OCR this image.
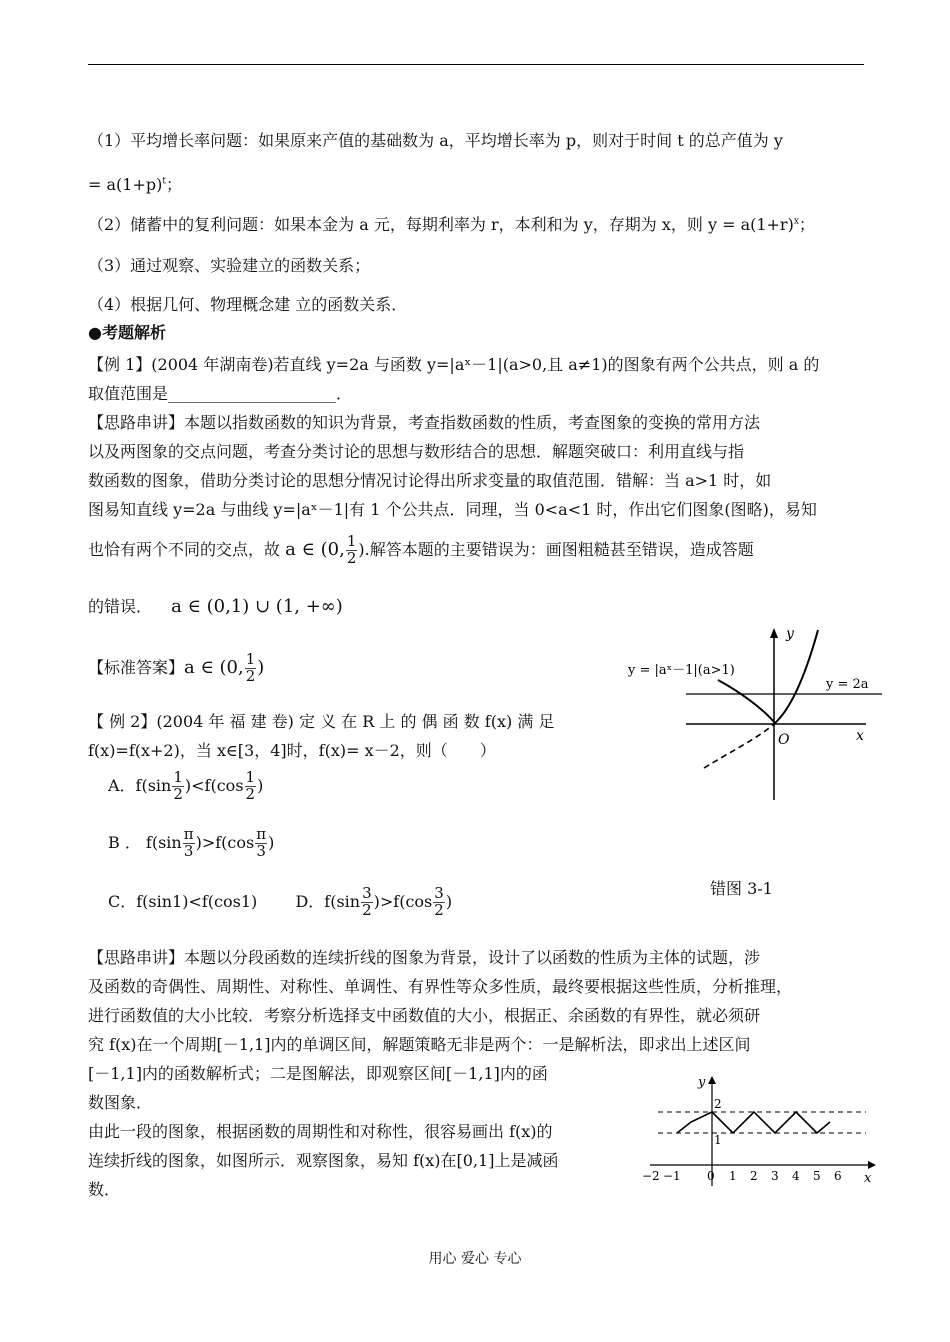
（1）平均增长率问题：如果原来产值的基础数为 a，平均增长率为 p，则对于时间 t 的总产值为 y
= $a(1+p)^t$；
（2）储蓄中的复利问题：如果本金为 a 元，每期利率为 r，本利和为 y，存期为 x，则 $y = a(1+r)^x$；
（3）通过观察、实验建立的函数关系；
（4）根据几何、物理概念建 立的函数关系．
●考题解析
【例 1】(2004 年湖南卷)若直线 y=2a 与函数 y=|aˣ－1|(a>0,且 a≠1)的图象有两个公共点，则 a 的
取值范围是_____________________．
【思路串讲】本题以指数函数的知识为背景，考查指数函数的性质，考查图象的变换的常用方法
以及两图象的交点问题，考查分类讨论的思想与数形结合的思想．解题突破口：利用直线与指
数函数的图象，借助分类讨论的思想分情况讨论得出所求变量的取值范围．错解：当 a>1 时，如
图易知直线 y=2a 与曲线 y=|aˣ－1|有 1 个公共点．同理，当 0<a<1 时，作出它们图象(图略)，易知
也恰有两个不同的交点，故 a ∈ (0, $\frac{1}{2}$ ).解答本题的主要错误为：画图粗糙甚至错误，造成答题
的错误． a ∈ (0,1) ∪ (1, +∞)
【标准答案】a ∈ (0, $\frac{1}{2}$ )
【 例 2】(2004 年 福 建 卷) 定 义 在 R 上 的 偶 函 数 f(x) 满 足
f(x)=f(x+2)，当 x∈[3，4]时，f(x)= x－2，则（　　）
A．$f(\sin \frac{1}{2} )<f(\cos \frac{1}{2}$ )
B ． $f(\sin \frac{\pi}{3} )>f(\cos \frac{\pi}{3}$ )
C．f(sin1)<f(cos1) D．$f(\sin \frac{3}{2} )>f(\cos \frac{3}{2}$ )
错图 3-1
【思路串讲】本题以分段函数的连续折线的图象为背景，设计了以函数的性质为主体的试题，涉
及函数的奇偶性、周期性、对称性、单调性、有界性等众多性质，最终要根据这些性质，分析推理，
进行函数值的大小比较．考察分析选择支中函数值的大小，根据正、余函数的有界性，就必须研
究 f(x)在一个周期[－1,1]内的单调区间，解题策略无非是两个：一是解析法，即求出上述区间
[－1,1]内的函数解析式；二是图解法，即观察区间[－1,1]内的函
数图象．
由此一段的图象，根据函数的周期性和对称性，很容易画出 f(x)的
连续折线的图象，如图所示．观察图象，易知 f(x)在[0,1]上是减函
数．
y
x
O
y = |aˣ－1|(a>1)
y = 2a
y
x
2
1
−2 −1 0 1 2 3 4 5 6
用心 爱心 专心
